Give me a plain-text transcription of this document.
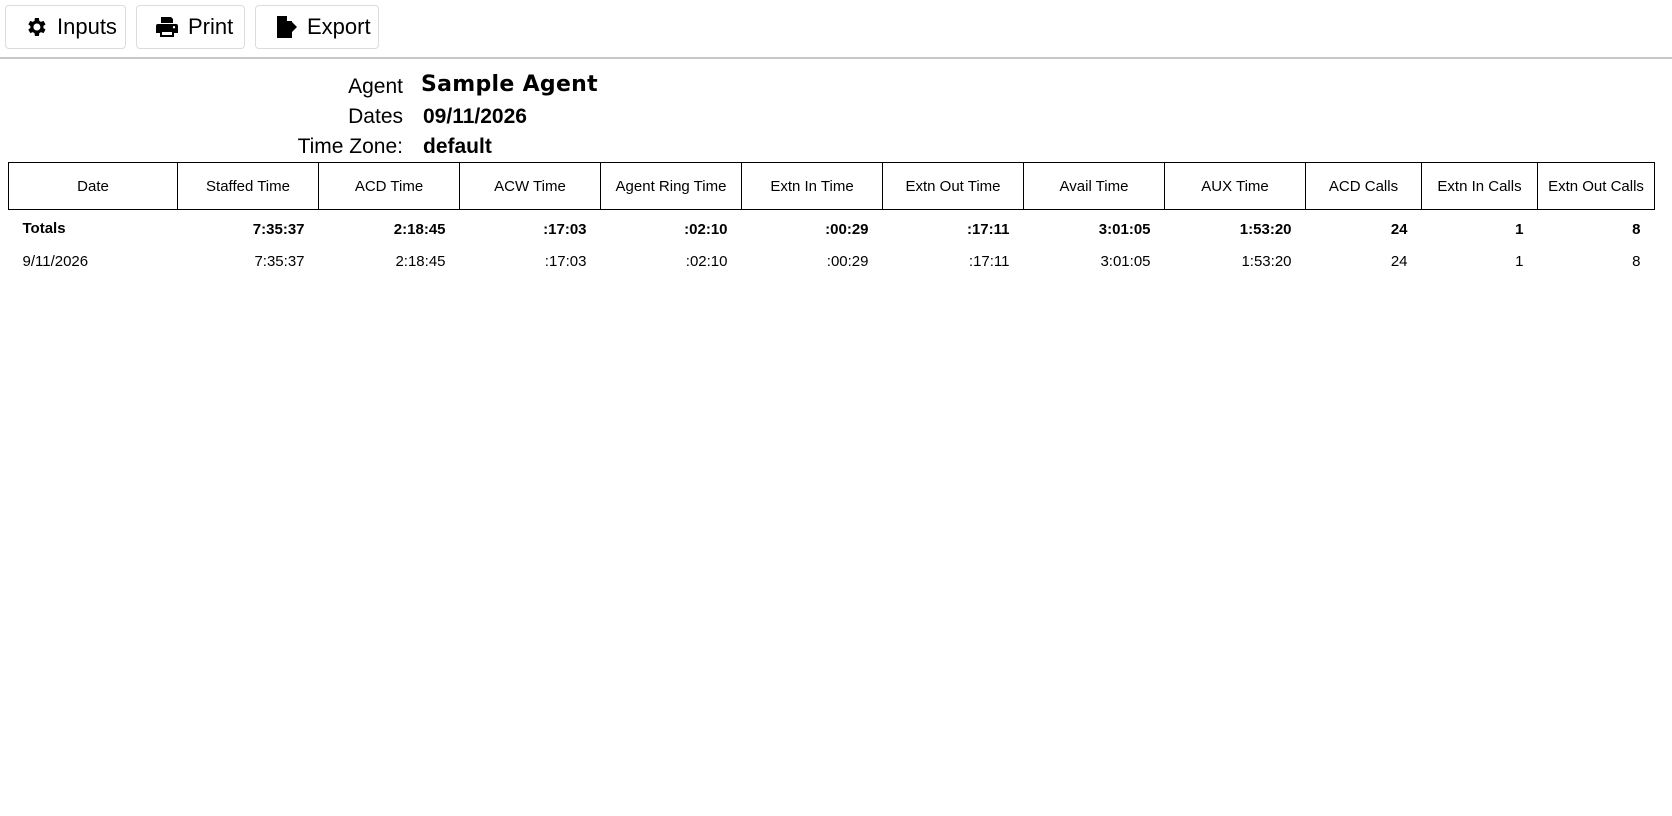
Inputs	Print	Export
Agent Sample Agent
Dates 09/11/2026
Time Zone: default
Date	Staffed Time	ACD Time	ACW Time	Agent Ring Time	Extn In Time	Extn Out Time	Avail Time	AUX Time	ACD Calls	Extn In Calls	Extn Out Calls
Totals	7:35:37	2:18:45	:17:03	:02:10	:00:29	:17:11	3:01:05	1:53:20	24	1	8
9/11/2026	7:35:37	2:18:45	:17:03	:02:10	:00:29	:17:11	3:01:05	1:53:20	24	1	8
